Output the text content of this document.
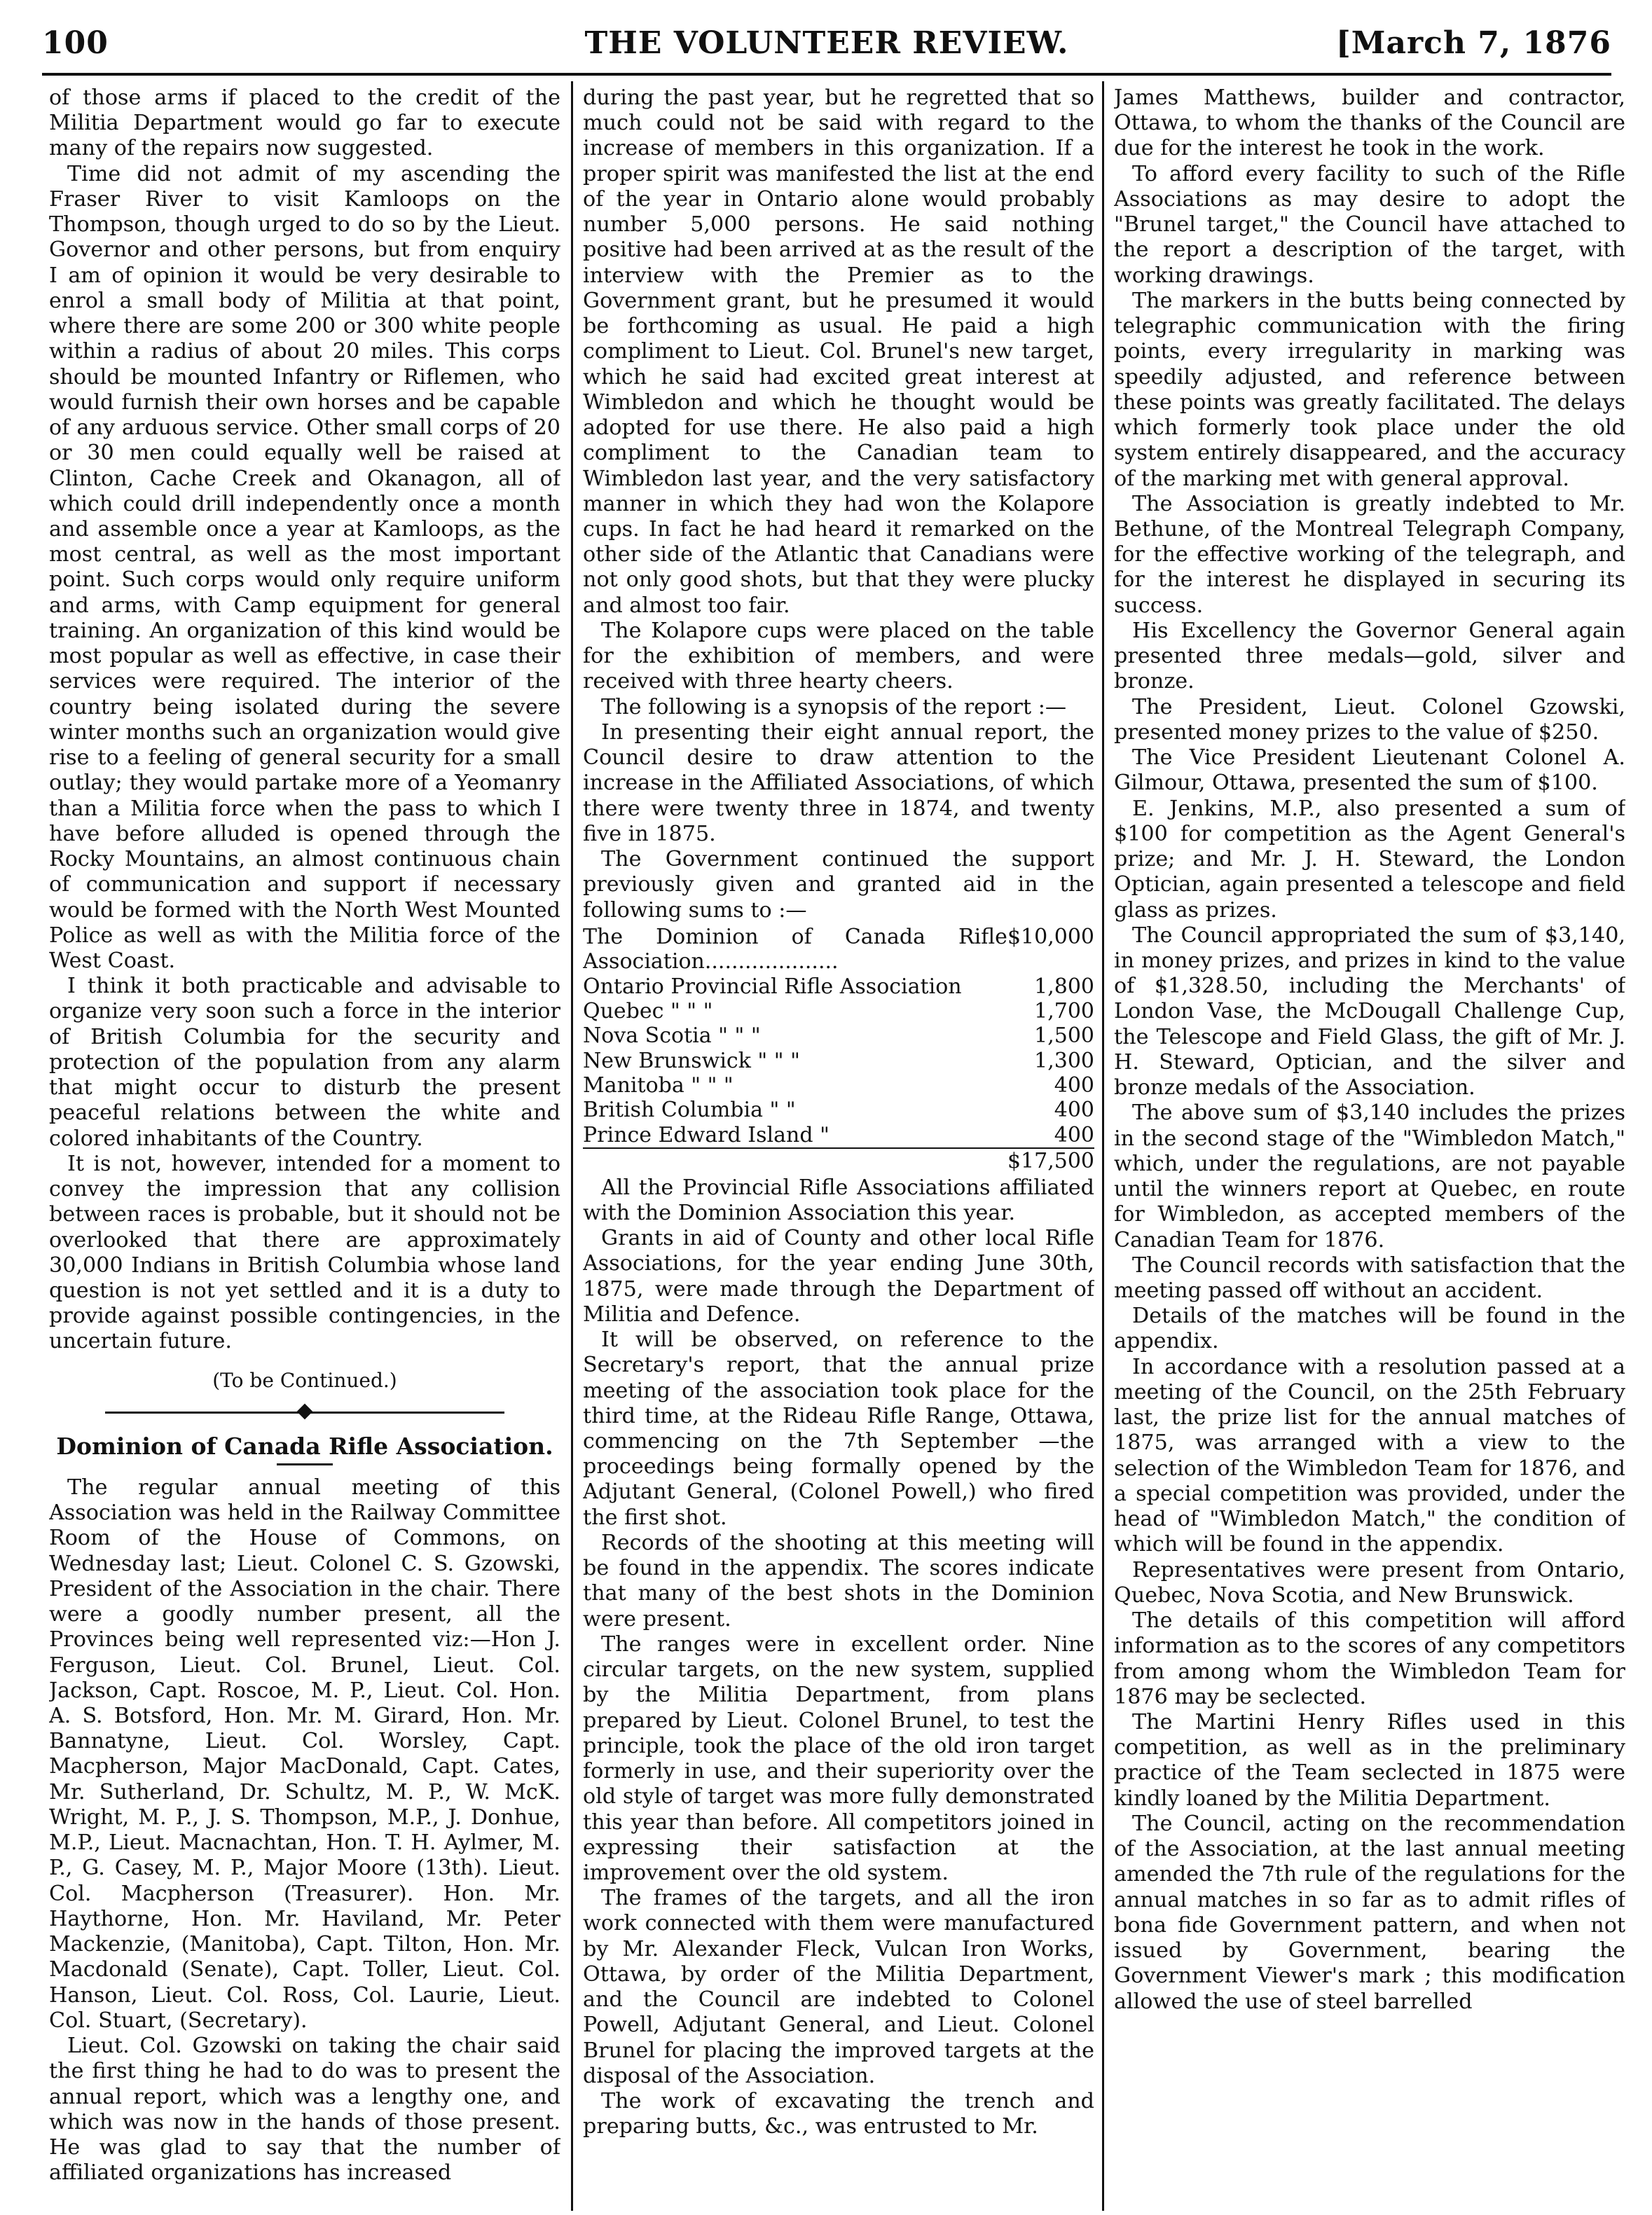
100	THE VOLUNTEER REVIEW.	[March 7, 1876

of those arms if placed to the credit of the Militia Department would go far to execute many of the repairs now suggested.

Time did not admit of my ascending the Fraser River to visit Kamloops on the Thompson, though urged to do so by the Lieut. Governor and other persons, but from enquiry I am of opinion it would be very desirable to enrol a small body of Militia at that point, where there are some 200 or 300 white people within a radius of about 20 miles. This corps should be mounted Infantry or Riflemen, who would furnish their own horses and be capable of any arduous service. Other small corps of 20 or 30 men could equally well be raised at Clinton, Cache Creek and Okanagon, all of which could drill independently once a month and assemble once a year at Kamloops, as the most central, as well as the most important point. Such corps would only require uniform and arms, with Camp equipment for general training. An organization of this kind would be most popular as well as effective, in case their services were required. The interior of the country being isolated during the severe winter months such an organization would give rise to a feeling of general security for a small outlay; they would partake more of a Yeomanry than a Militia force when the pass to which I have before alluded is opened through the Rocky Mountains, an almost continuous chain of communication and support if necessary would be formed with the North West Mounted Police as well as with the Militia force of the West Coast.

I think it both practicable and advisable to organize very soon such a force in the interior of British Columbia for the security and protection of the population from any alarm that might occur to disturb the present peaceful relations between the white and colored inhabitants of the Country.

It is not, however, intended for a moment to convey the impression that any collision between races is probable, but it should not be overlooked that there are approximately 30,000 Indians in British Columbia whose land question is not yet settled and it is a duty to provide against possible contingencies, in the uncertain future.

(To be Continued.)

Dominion of Canada Rifle Association.

The regular annual meeting of this Association was held in the Railway Committee Room of the House of Commons, on Wednesday last; Lieut. Colonel C. S. Gzowski, President of the Association in the chair. There were a goodly number present, all the Provinces being well represented viz:—Hon J. Ferguson, Lieut. Col. Brunel, Lieut. Col. Jackson, Capt. Roscoe, M. P., Lieut. Col. Hon. A. S. Botsford, Hon. Mr. M. Girard, Hon. Mr. Bannatyne, Lieut. Col. Worsley, Capt. Macpherson, Major MacDonald, Capt. Cates, Mr. Sutherland, Dr. Schultz, M. P., W. McK. Wright, M. P., J. S. Thompson, M.P., J. Donhue, M.P., Lieut. Macnachtan, Hon. T. H. Aylmer, M. P., G. Casey, M. P., Major Moore (13th). Lieut. Col. Macpherson (Treasurer). Hon. Mr. Haythorne, Hon. Mr. Haviland, Mr. Peter Mackenzie, (Manitoba), Capt. Tilton, Hon. Mr. Macdonald (Senate), Capt. Toller, Lieut. Col. Hanson, Lieut. Col. Ross, Col. Laurie, Lieut. Col. Stuart, (Secretary).

Lieut. Col. Gzowski on taking the chair said the first thing he had to do was to present the annual report, which was a lengthy one, and which was now in the hands of those present. He was glad to say that the number of affiliated organizations has increased

during the past year, but he regretted that so much could not be said with regard to the increase of members in this organization. If a proper spirit was manifested the list at the end of the year in Ontario alone would probably number 5,000 persons. He said nothing positive had been arrived at as the result of the interview with the Premier as to the Government grant, but he presumed it would be forthcoming as usual. He paid a high compliment to Lieut. Col. Brunel's new target, which he said had excited great interest at Wimbledon and which he thought would be adopted for use there. He also paid a high compliment to the Canadian team to Wimbledon last year, and the very satisfactory manner in which they had won the Kolapore cups. In fact he had heard it remarked on the other side of the Atlantic that Canadians were not only good shots, but that they were plucky and almost too fair.

The Kolapore cups were placed on the table for the exhibition of members, and were received with three hearty cheers.

The following is a synopsis of the report :—

In presenting their eight annual report, the Council desire to draw attention to the increase in the Affiliated Associations, of which there were twenty three in 1874, and twenty five in 1875.

The Government continued the support previously given and granted aid in the following sums to :—

The Dominion of Canada Rifle Association....................	$10,000
Ontario Provincial Rifle Association	1,800
Quebec " " "	1,700
Nova Scotia " " "	1,500
New Brunswick " " "	1,300
Manitoba " " "	400
British Columbia " "	400
Prince Edward Island "	400
	$17,500

All the Provincial Rifle Associations affiliated with the Dominion Association this year.

Grants in aid of County and other local Rifle Associations, for the year ending June 30th, 1875, were made through the Department of Militia and Defence.

It will be observed, on reference to the Secretary's report, that the annual prize meeting of the association took place for the third time, at the Rideau Rifle Range, Ottawa, commencing on the 7th September —the proceedings being formally opened by the Adjutant General, (Colonel Powell,) who fired the first shot.

Records of the shooting at this meeting will be found in the appendix. The scores indicate that many of the best shots in the Dominion were present.

The ranges were in excellent order. Nine circular targets, on the new system, supplied by the Militia Department, from plans prepared by Lieut. Colonel Brunel, to test the principle, took the place of the old iron target formerly in use, and their superiority over the old style of target was more fully demonstrated this year than before. All competitors joined in expressing their satisfaction at the improvement over the old system.

The frames of the targets, and all the iron work connected with them were manufactured by Mr. Alexander Fleck, Vulcan Iron Works, Ottawa, by order of the Militia Department, and the Council are indebted to Colonel Powell, Adjutant General, and Lieut. Colonel Brunel for placing the improved targets at the disposal of the Association.

The work of excavating the trench and preparing butts, &c., was entrusted to Mr.

James Matthews, builder and contractor, Ottawa, to whom the thanks of the Council are due for the interest he took in the work.

To afford every facility to such of the Rifle Associations as may desire to adopt the "Brunel target," the Council have attached to the report a description of the target, with working drawings.

The markers in the butts being connected by telegraphic communication with the firing points, every irregularity in marking was speedily adjusted, and reference between these points was greatly facilitated. The delays which formerly took place under the old system entirely disappeared, and the accuracy of the marking met with general approval.

The Association is greatly indebted to Mr. Bethune, of the Montreal Telegraph Company, for the effective working of the telegraph, and for the interest he displayed in securing its success.

His Excellency the Governor General again presented three medals—gold, silver and bronze.

The President, Lieut. Colonel Gzowski, presented money prizes to the value of $250.

The Vice President Lieutenant Colonel A. Gilmour, Ottawa, presented the sum of $100.

E. Jenkins, M.P., also presented a sum of $100 for competition as the Agent General's prize; and Mr. J. H. Steward, the London Optician, again presented a telescope and field glass as prizes.

The Council appropriated the sum of $3,140, in money prizes, and prizes in kind to the value of $1,328.50, including the Merchants' of London Vase, the McDougall Challenge Cup, the Telescope and Field Glass, the gift of Mr. J. H. Steward, Optician, and the silver and bronze medals of the Association.

The above sum of $3,140 includes the prizes in the second stage of the "Wimbledon Match," which, under the regulations, are not payable until the winners report at Quebec, en route for Wimbledon, as accepted members of the Canadian Team for 1876.

The Council records with satisfaction that the meeting passed off without an accident.

Details of the matches will be found in the appendix.

In accordance with a resolution passed at a meeting of the Council, on the 25th February last, the prize list for the annual matches of 1875, was arranged with a view to the selection of the Wimbledon Team for 1876, and a special competition was provided, under the head of "Wimbledon Match," the condition of which will be found in the appendix.

Representatives were present from Ontario, Quebec, Nova Scotia, and New Brunswick.

The details of this competition will afford information as to the scores of any competitors from among whom the Wimbledon Team for 1876 may be seclected.

The Martini Henry Rifles used in this competition, as well as in the preliminary practice of the Team seclected in 1875 were kindly loaned by the Militia Department.

The Council, acting on the recommendation of the Association, at the last annual meeting amended the 7th rule of the regulations for the annual matches in so far as to admit rifles of bona fide Government pattern, and when not issued by Government, bearing the Government Viewer's mark ; this modification allowed the use of steel barrelled
